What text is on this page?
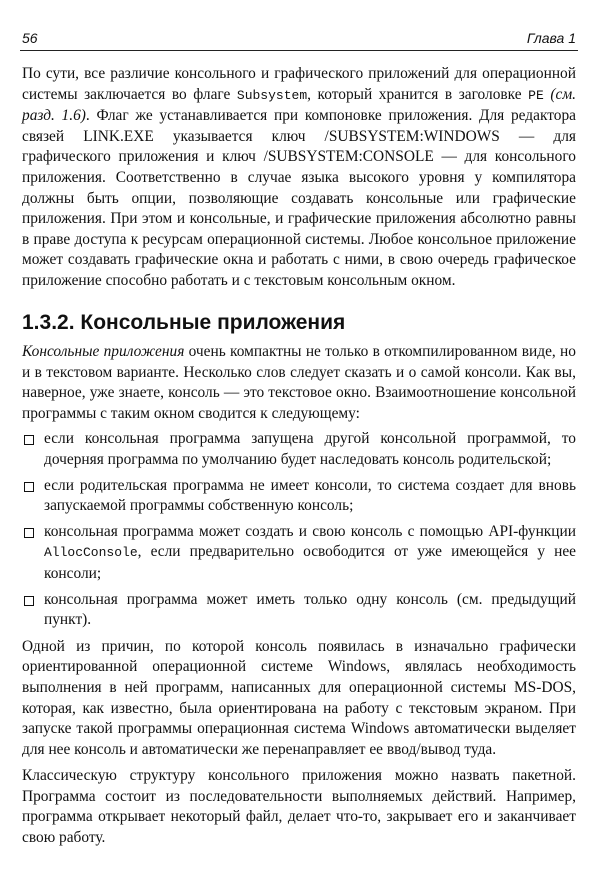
56	Глава 1

По сути, все различие консольного и графического приложений для операционной системы заключается во флаге Subsystem, который хранится в заголовке PE (см. разд. 1.6). Флаг же устанавливается при компоновке приложения. Для редактора связей LINK.EXE указывается ключ /SUBSYSTEM:WINDOWS — для графического приложения и ключ /SUBSYSTEM:CONSOLE — для консольного приложения. Соответственно в случае языка высокого уровня у компилятора должны быть опции, позволяющие создавать консольные или графические приложения. При этом и консольные, и графические приложения абсолютно равны в праве доступа к ресурсам операционной системы. Любое консольное приложение может создавать графические окна и работать с ними, в свою очередь графическое приложение способно работать и с текстовым консольным окном.

1.3.2. Консольные приложения

Консольные приложения очень компактны не только в откомпилированном виде, но и в текстовом варианте. Несколько слов следует сказать и о самой консоли. Как вы, наверное, уже знаете, консоль — это текстовое окно. Взаимоотношение консольной программы с таким окном сводится к следующему:

если консольная программа запущена другой консольной программой, то дочерняя программа по умолчанию будет наследовать консоль родительской;
если родительская программа не имеет консоли, то система создает для вновь запускаемой программы собственную консоль;
консольная программа может создать и свою консоль с помощью API-функции AllocConsole, если предварительно освободится от уже имеющейся у нее консоли;
консольная программа может иметь только одну консоль (см. предыдущий пункт).

Одной из причин, по которой консоль появилась в изначально графически ориентированной операционной системе Windows, являлась необходимость выполнения в ней программ, написанных для операционной системы MS-DOS, которая, как известно, была ориентирована на работу с текстовым экраном. При запуске такой программы операционная система Windows автоматически выделяет для нее консоль и автоматически же перенаправляет ее ввод/вывод туда.

Классическую структуру консольного приложения можно назвать пакетной. Программа состоит из последовательности выполняемых действий. Например, программа открывает некоторый файл, делает что-то, закрывает его и заканчивает свою работу.
